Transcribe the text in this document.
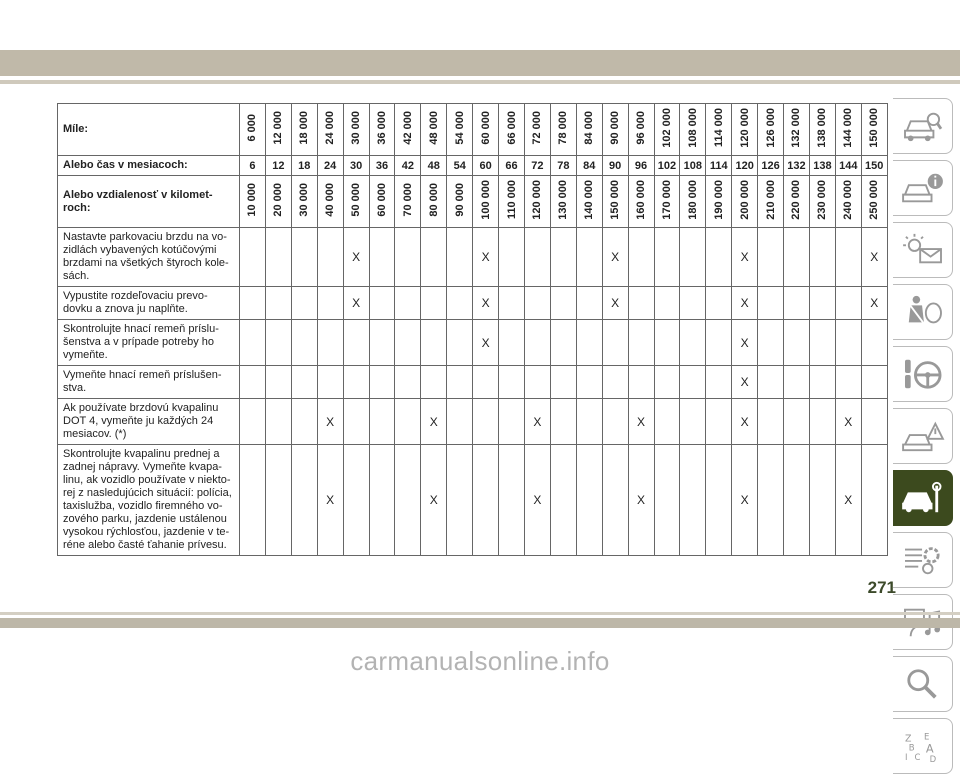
Míle:	6 000	12 000	18 000	24 000	30 000	36 000	42 000	48 000	54 000	60 000	66 000	72 000	78 000	84 000	90 000	96 000	102 000	108 000	114 000	120 000	126 000	132 000	138 000	144 000	150 000
Alebo čas v mesiacoch:	6	12	18	24	30	36	42	48	54	60	66	72	78	84	90	96	102	108	114	120	126	132	138	144	150
Alebo vzdialenosť v kilomet-roch:	10 000	20 000	30 000	40 000	50 000	60 000	70 000	80 000	90 000	100 000	110 000	120 000	130 000	140 000	150 000	160 000	170 000	180 000	190 000	200 000	210 000	220 000	230 000	240 000	250 000
Nastavte parkovaciu brzdu na vo-zidlách vybavených kotúčovými brzdami na všetkých štyroch kole-sách.					X					X					X					X					X
Vypustite rozdeľovaciu prevo-dovku a znova ju naplňte.					X					X					X					X					X
Skontrolujte hnací remeň príslu-šenstva a v prípade potreby ho vymeňte.										X										X					
Vymeňte hnací remeň príslušen-stva.																				X					
Ak používate brzdovú kvapalinu DOT 4, vymeňte ju každých 24 mesiacov. (*)				X				X				X				X				X				X	
Skontrolujte kvapalinu prednej a zadnej nápravy. Vymeňte kvapa-linu, ak vozidlo používate v niekto-rej z nasledujúcich situácií: polícia, taxislužba, vozidlo firemného vo-zového parku, jazdenie ustálenou vysokou rýchlosťou, jazdenie v te-réne alebo časté ťahanie prívesu.				X				X				X				X				X				X	
Z E
B A
I C D
271
carmanualsonline.info
